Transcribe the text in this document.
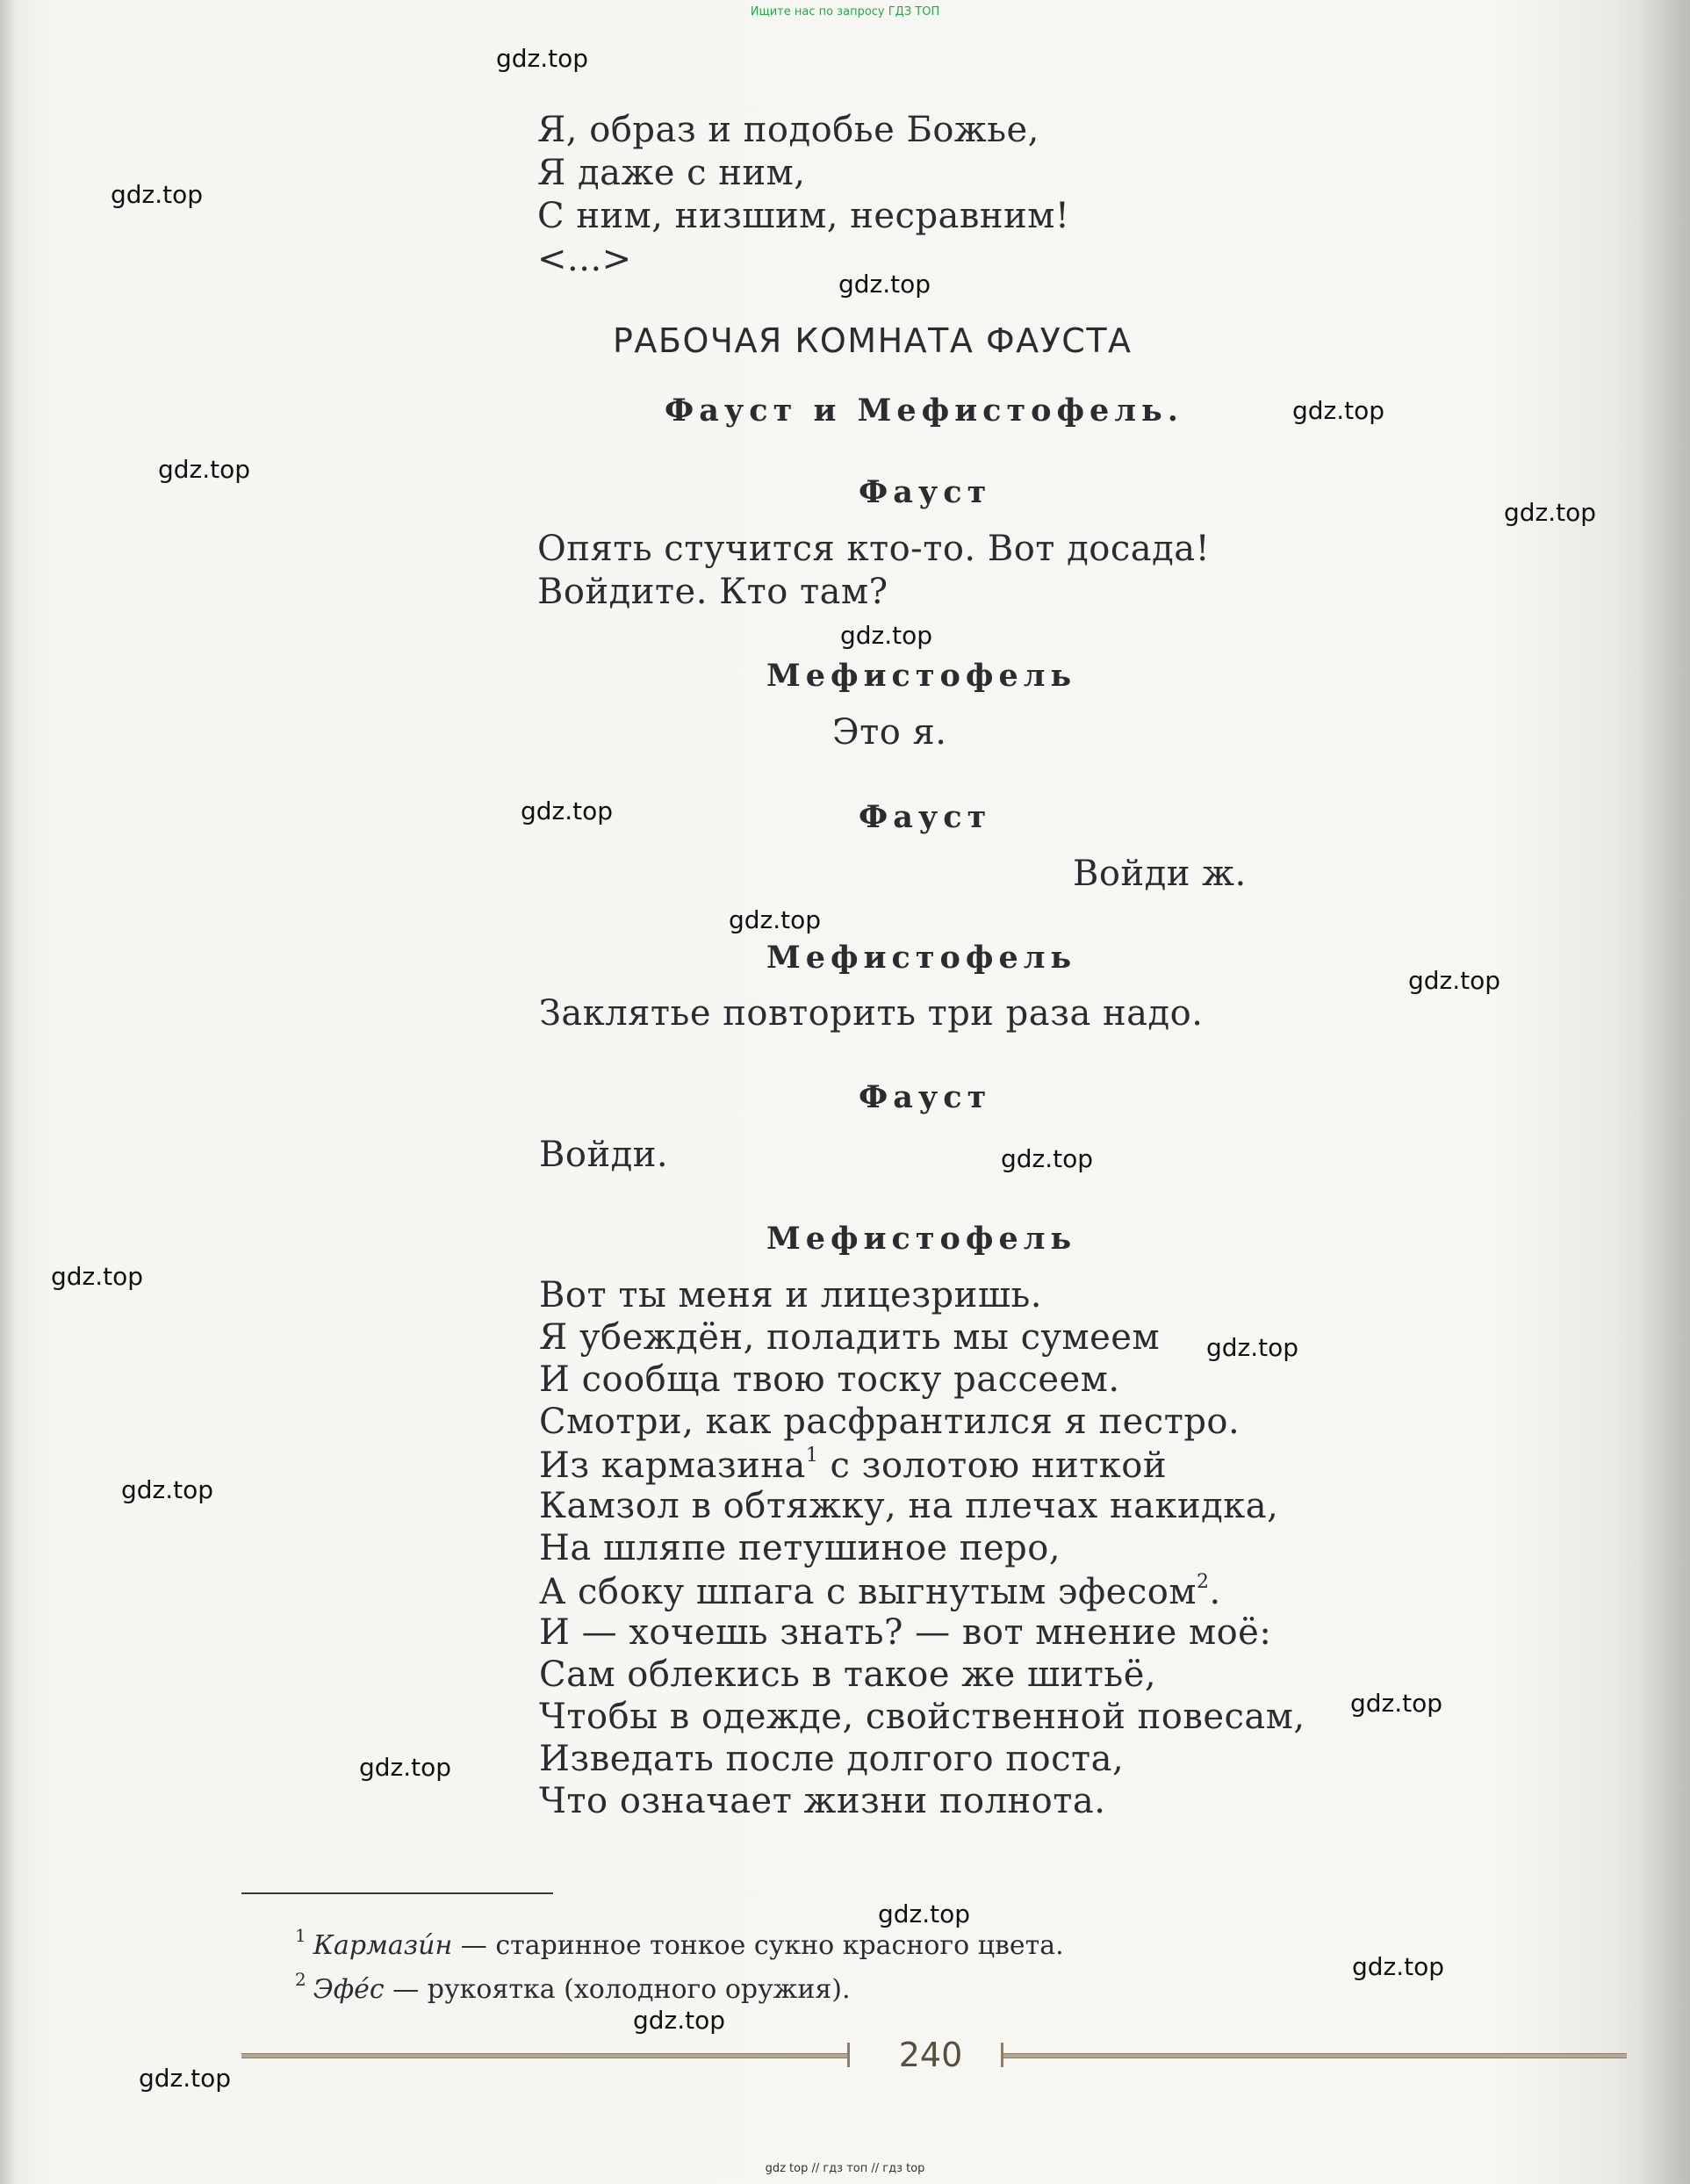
Ищите нас по запросу ГДЗ ТОП
Я, образ и подобье Божье,
Я даже с ним,
С ним, низшим, несравним!
<...>
РАБОЧАЯ КОМНАТА ФАУСТА
Фауст и Мефистофель.
Фауст
Опять стучится кто-то. Вот досада!
Войдите. Кто там?
Мефистофель
Это я.
Фауст
Войди ж.
Мефистофель
Заклятье повторить три раза надо.
Фауст
Войди.
Мефистофель
Вот ты меня и лицезришь.
Я убеждён, поладить мы сумеем
И сообща твою тоску рассеем.
Смотри, как расфрантился я пестро.
Из кармазина$^1$ с золотою ниткой
Камзол в обтяжку, на плечах накидка,
На шляпе петушиное перо,
А сбоку шпага с выгнутым эфесом$^2$.
И — хочешь знать? — вот мнение моё:
Сам облекись в такое же шитьё,
Чтобы в одежде, свойственной повесам,
Изведать после долгого поста,
Что означает жизни полнота.
$^1$ Кармази́н — старинное тонкое сукно красного цвета.
$^2$ Эфе́с — рукоятка (холодного оружия).
240
gdz.top
gdz.top
gdz.top
gdz.top
gdz.top
gdz.top
gdz.top
gdz.top
gdz.top
gdz.top
gdz.top
gdz.top
gdz.top
gdz.top
gdz.top
gdz.top
gdz.top
gdz.top
gdz.top
gdz.top
gdz top // гдз топ // гдз top
